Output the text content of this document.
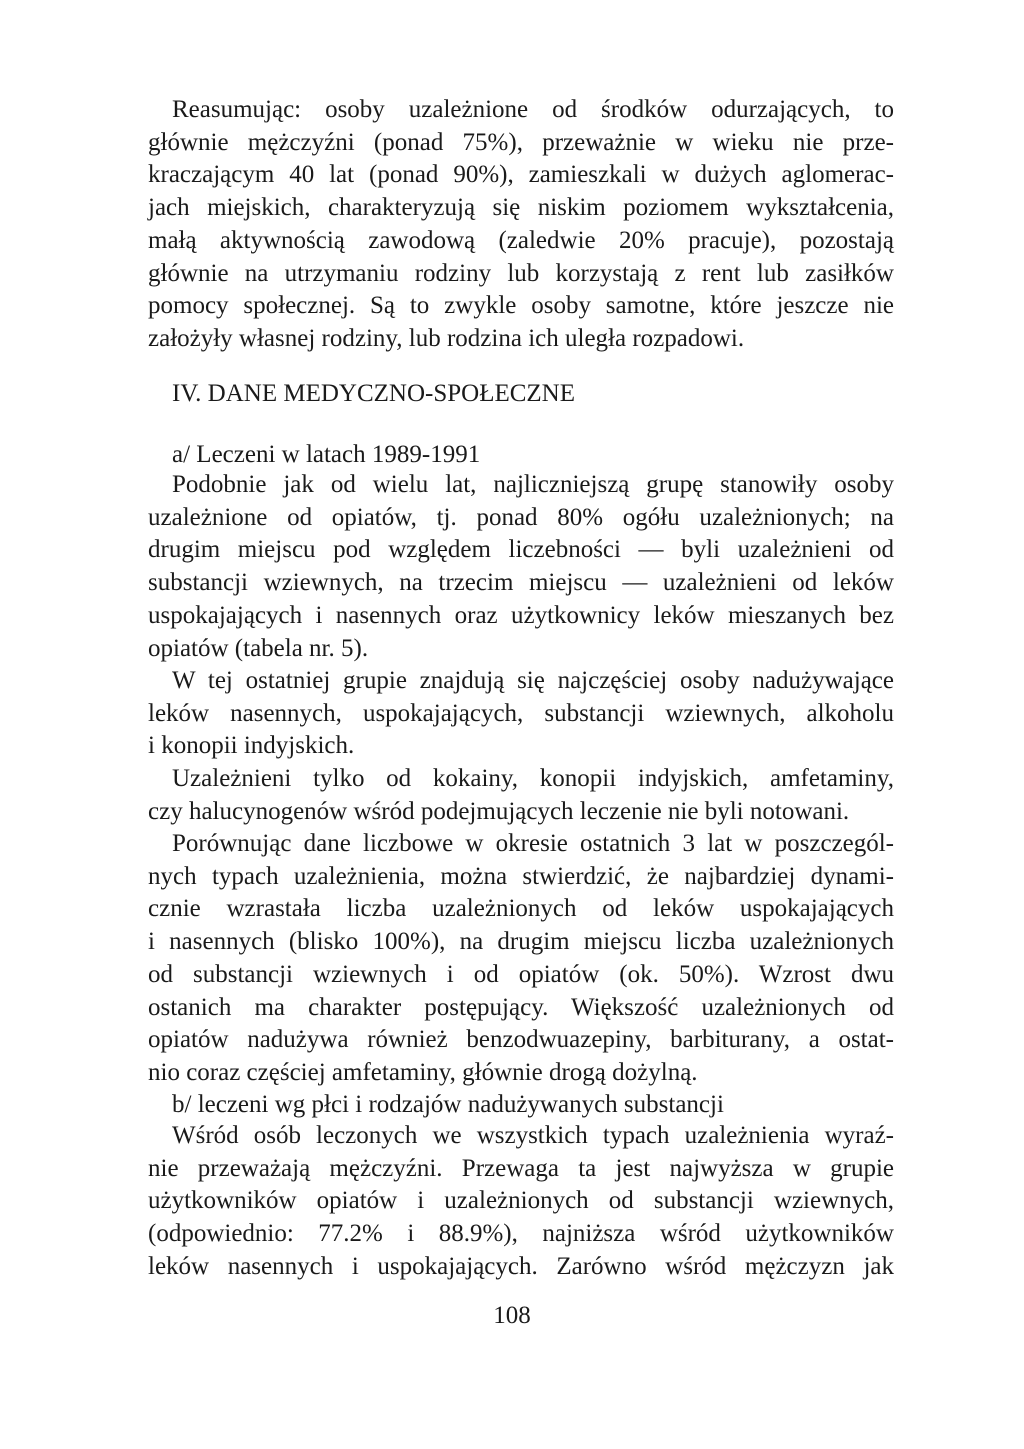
Reasumując: osoby uzależnione od środków odurzających, to
głównie mężczyźni (ponad 75%), przeważnie w wieku nie prze-
kraczającym 40 lat (ponad 90%), zamieszkali w dużych aglomerac-
jach miejskich, charakteryzują się niskim poziomem wykształcenia,
małą aktywnością zawodową (zaledwie 20% pracuje), pozostają
głównie na utrzymaniu rodziny lub korzystają z rent lub zasiłków
pomocy społecznej. Są to zwykle osoby samotne, które jeszcze nie
założyły własnej rodziny, lub rodzina ich uległa rozpadowi.
IV. DANE MEDYCZNO-SPOŁECZNE
a/ Leczeni w latach 1989-1991
Podobnie jak od wielu lat, najliczniejszą grupę stanowiły osoby
uzależnione od opiatów, tj. ponad 80% ogółu uzależnionych; na
drugim miejscu pod względem liczebności — byli uzależnieni od
substancji wziewnych, na trzecim miejscu — uzależnieni od leków
uspokajających i nasennych oraz użytkownicy leków mieszanych bez
opiatów (tabela nr. 5).
W tej ostatniej grupie znajdują się najczęściej osoby nadużywające
leków nasennych, uspokajających, substancji wziewnych, alkoholu
i konopii indyjskich.
Uzależnieni tylko od kokainy, konopii indyjskich, amfetaminy,
czy halucynogenów wśród podejmujących leczenie nie byli notowani.
Porównując dane liczbowe w okresie ostatnich 3 lat w poszczegól-
nych typach uzależnienia, można stwierdzić, że najbardziej dynami-
cznie wzrastała liczba uzależnionych od leków uspokajających
i nasennych (blisko 100%), na drugim miejscu liczba uzależnionych
od substancji wziewnych i od opiatów (ok. 50%). Wzrost dwu
ostanich ma charakter postępujący. Większość uzależnionych od
opiatów nadużywa również benzodwuazepiny, barbiturany, a ostat-
nio coraz częściej amfetaminy, głównie drogą dożylną.
b/ leczeni wg płci i rodzajów nadużywanych substancji
Wśród osób leczonych we wszystkich typach uzależnienia wyraź-
nie przeważają mężczyźni. Przewaga ta jest najwyższa w grupie
użytkowników opiatów i uzależnionych od substancji wziewnych,
(odpowiednio: 77.2% i 88.9%), najniższa wśród użytkowników
leków nasennych i uspokajających. Zarówno wśród mężczyzn jak
108
